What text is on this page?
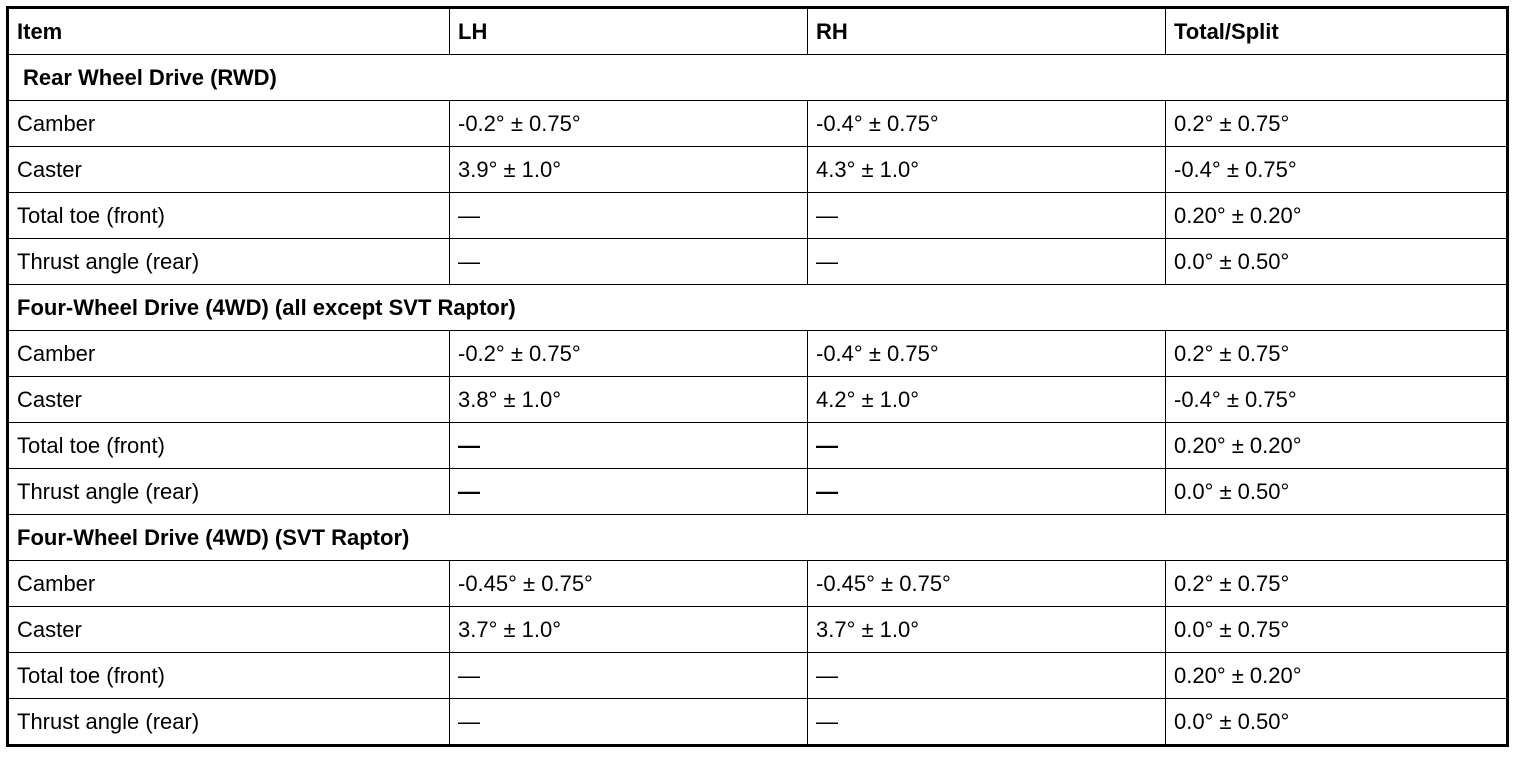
Item	LH	RH	Total/Split
Rear Wheel Drive (RWD)			
Camber	-0.2° ± 0.75°	-0.4° ± 0.75°	0.2° ± 0.75°
Caster	3.9° ± 1.0°	4.3° ± 1.0°	-0.4° ± 0.75°
Total toe (front)	—	—	0.20° ± 0.20°
Thrust angle (rear)	—	—	0.0° ± 0.50°
Four-Wheel Drive (4WD) (all except SVT Raptor)			
Camber	-0.2° ± 0.75°	-0.4° ± 0.75°	0.2° ± 0.75°
Caster	3.8° ± 1.0°	4.2° ± 1.0°	-0.4° ± 0.75°
Total toe (front)	—	—	0.20° ± 0.20°
Thrust angle (rear)	—	—	0.0° ± 0.50°
Four-Wheel Drive (4WD) (SVT Raptor)			
Camber	-0.45° ± 0.75°	-0.45° ± 0.75°	0.2° ± 0.75°
Caster	3.7° ± 1.0°	3.7° ± 1.0°	0.0° ± 0.75°
Total toe (front)	—	—	0.20° ± 0.20°
Thrust angle (rear)	—	—	0.0° ± 0.50°
